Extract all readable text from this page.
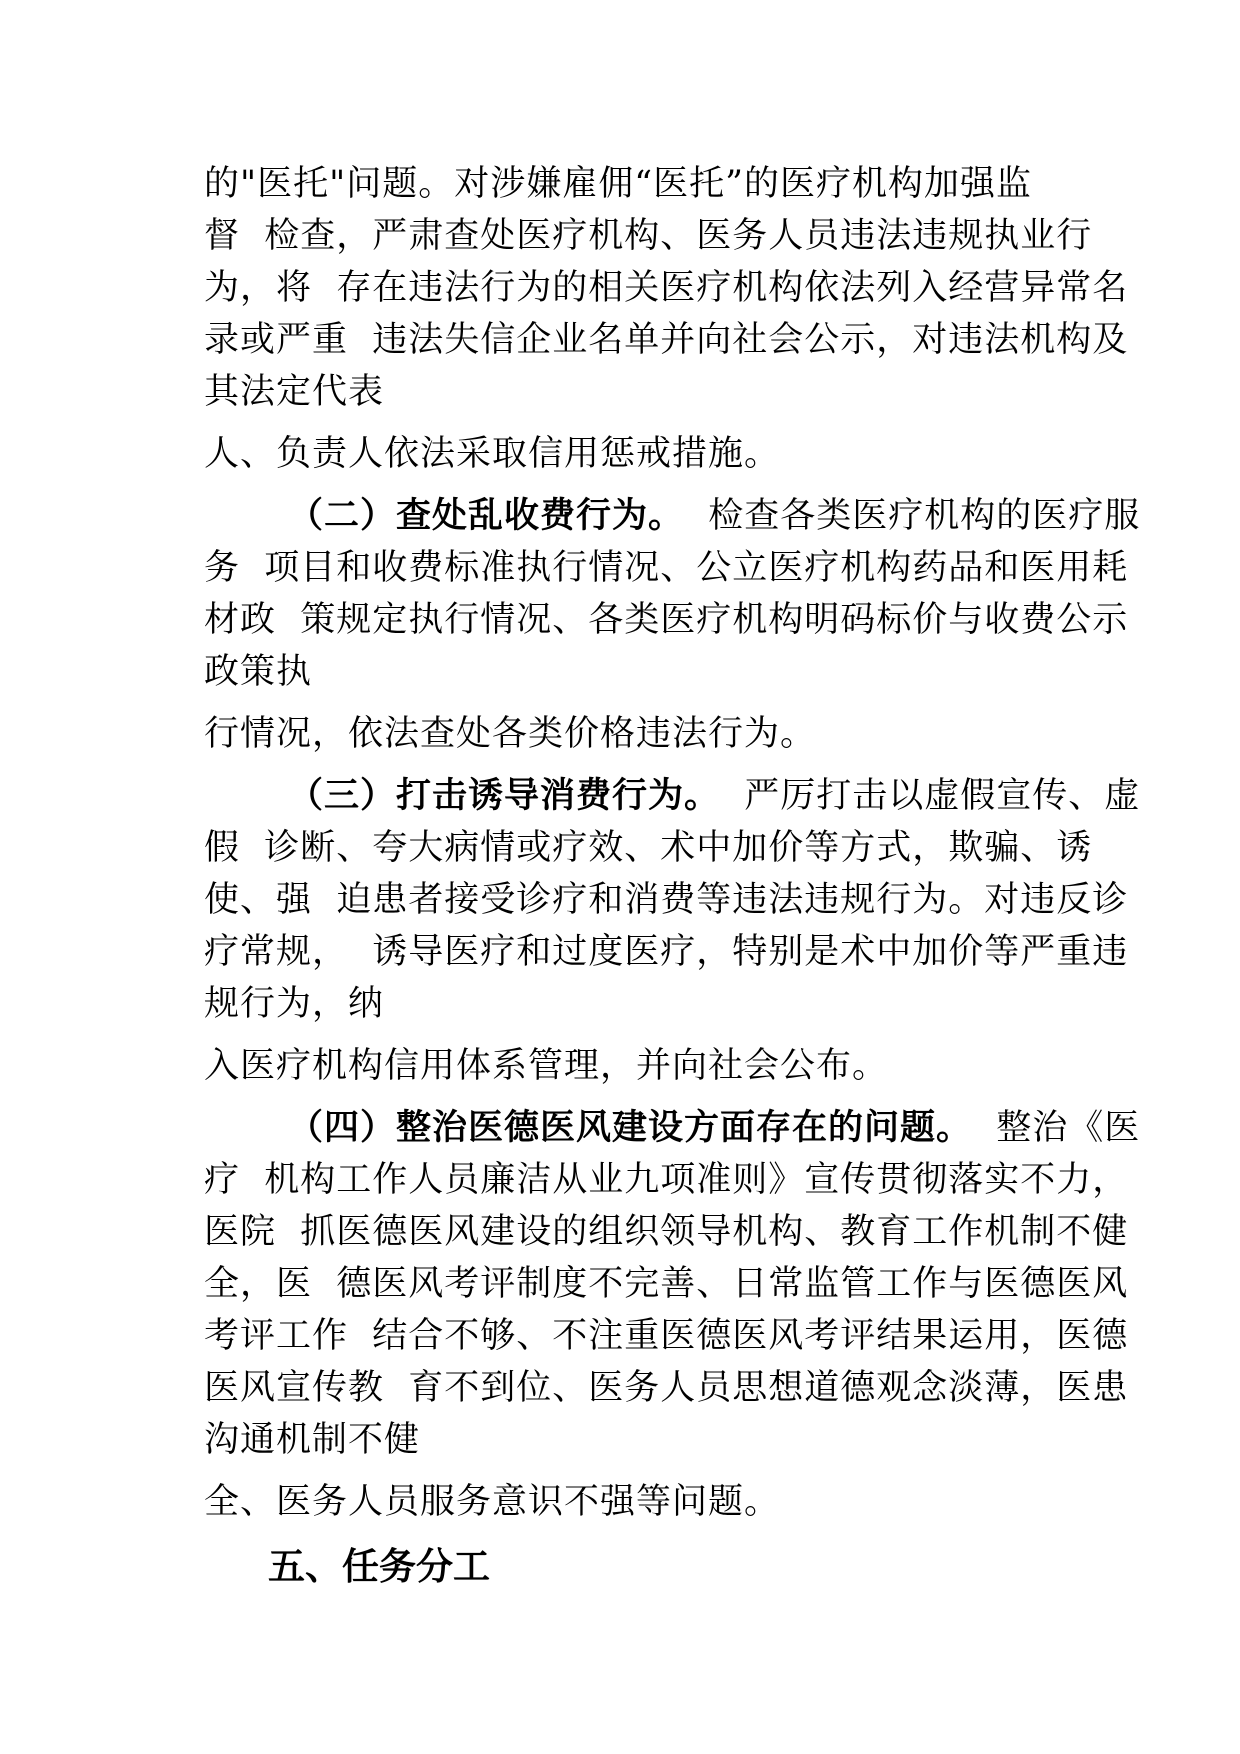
的"医托"问题。对涉嫌雇佣“医托”的医疗机构加强监
督  检查，严肃查处医疗机构、医务人员违法违规执业行
为，将  存在违法行为的相关医疗机构依法列入经营异常名
录或严重  违法失信企业名单并向社会公示，对违法机构及
其法定代表
人、负责人依法采取信用惩戒措施。
（二）查处乱收费行为。  检查各类医疗机构的医疗服
务  项目和收费标准执行情况、公立医疗机构药品和医用耗
材政  策规定执行情况、各类医疗机构明码标价与收费公示
政策执
行情况，依法查处各类价格违法行为。
（三）打击诱导消费行为。  严厉打击以虚假宣传、虚
假  诊断、夸大病情或疗效、术中加价等方式，欺骗、诱
使、强  迫患者接受诊疗和消费等违法违规行为。对违反诊
疗常规，  诱导医疗和过度医疗，特别是术中加价等严重违
规行为，纳
入医疗机构信用体系管理，并向社会公布。
（四）整治医德医风建设方面存在的问题。  整治《医
疗  机构工作人员廉洁从业九项准则》宣传贯彻落实不力，
医院  抓医德医风建设的组织领导机构、教育工作机制不健
全，医  德医风考评制度不完善、日常监管工作与医德医风
考评工作  结合不够、不注重医德医风考评结果运用，医德
医风宣传教  育不到位、医务人员思想道德观念淡薄，医患
沟通机制不健
全、医务人员服务意识不强等问题。
五、任务分工
